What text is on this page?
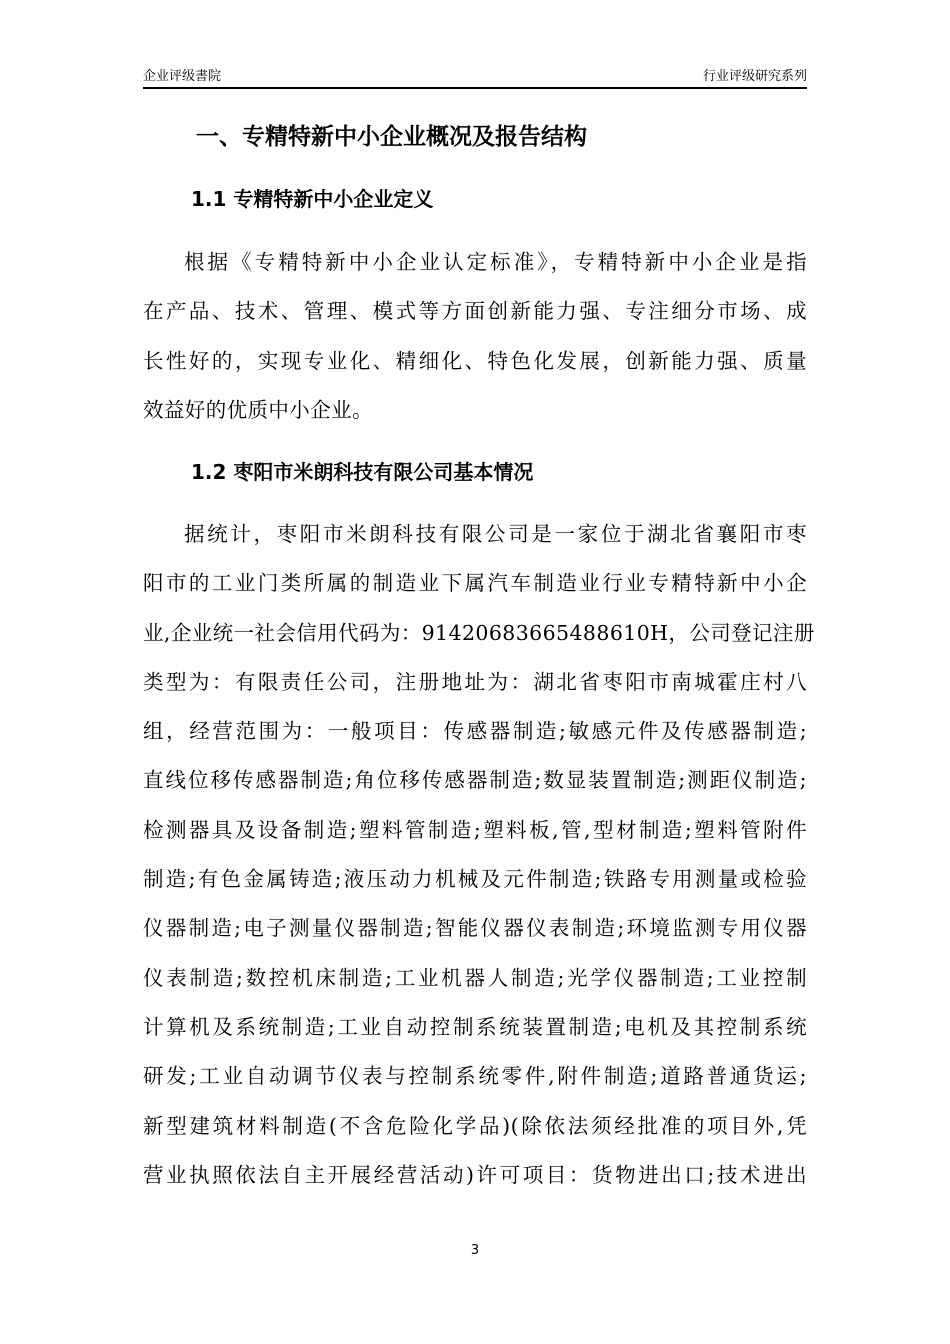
企业评级書院	行业评级研究系列
一、专精特新中小企业概况及报告结构
1.1 专精特新中小企业定义
根据《专精特新中小企业认定标准》，专精特新中小企业是指
在产品、技术、管理、模式等方面创新能力强、专注细分市场、成
长性好的，实现专业化、精细化、特色化发展，创新能力强、质量
效益好的优质中小企业。
1.2 枣阳市米朗科技有限公司基本情况
据统计，枣阳市米朗科技有限公司是一家位于湖北省襄阳市枣
阳市的工业门类所属的制造业下属汽车制造业行业专精特新中小企
业,企业统一社会信用代码为：91420683665488610H，公司登记注册
类型为：有限责任公司，注册地址为：湖北省枣阳市南城霍庄村八
组，经营范围为：一般项目：传感器制造;敏感元件及传感器制造;
直线位移传感器制造;角位移传感器制造;数显装置制造;测距仪制造;
检测器具及设备制造;塑料管制造;塑料板,管,型材制造;塑料管附件
制造;有色金属铸造;液压动力机械及元件制造;铁路专用测量或检验
仪器制造;电子测量仪器制造;智能仪器仪表制造;环境监测专用仪器
仪表制造;数控机床制造;工业机器人制造;光学仪器制造;工业控制
计算机及系统制造;工业自动控制系统装置制造;电机及其控制系统
研发;工业自动调节仪表与控制系统零件,附件制造;道路普通货运;
新型建筑材料制造(不含危险化学品)(除依法须经批准的项目外,凭
营业执照依法自主开展经营活动)许可项目：货物进出口;技术进出
3
